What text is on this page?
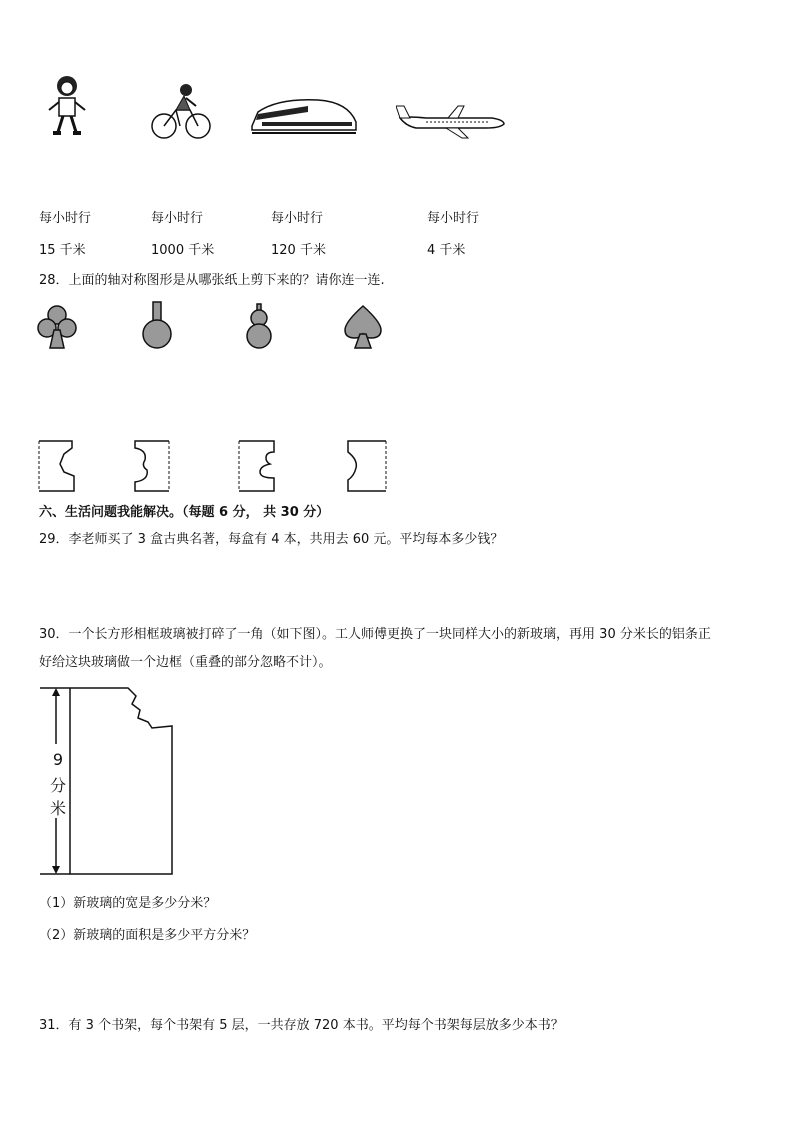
每小时行	每小时行	每小时行	每小时行
15 千米	1000 千米	120 千米	4 千米
28．上面的轴对称图形是从哪张纸上剪下来的？请你连一连.
六、生活问题我能解决。（每题 6 分， 共 30 分）
29．李老师买了 3 盒古典名著，每盒有 4 本，共用去 60 元。平均每本多少钱？
30．一个长方形相框玻璃被打碎了一角（如下图）。工人师傅更换了一块同样大小的新玻璃，再用 30 分米长的铝条正
好给这块玻璃做一个边框（重叠的部分忽略不计）。
9
分
米
（1）新玻璃的宽是多少分米？
（2）新玻璃的面积是多少平方分米？
31．有 3 个书架，每个书架有 5 层，一共存放 720 本书。平均每个书架每层放多少本书？
